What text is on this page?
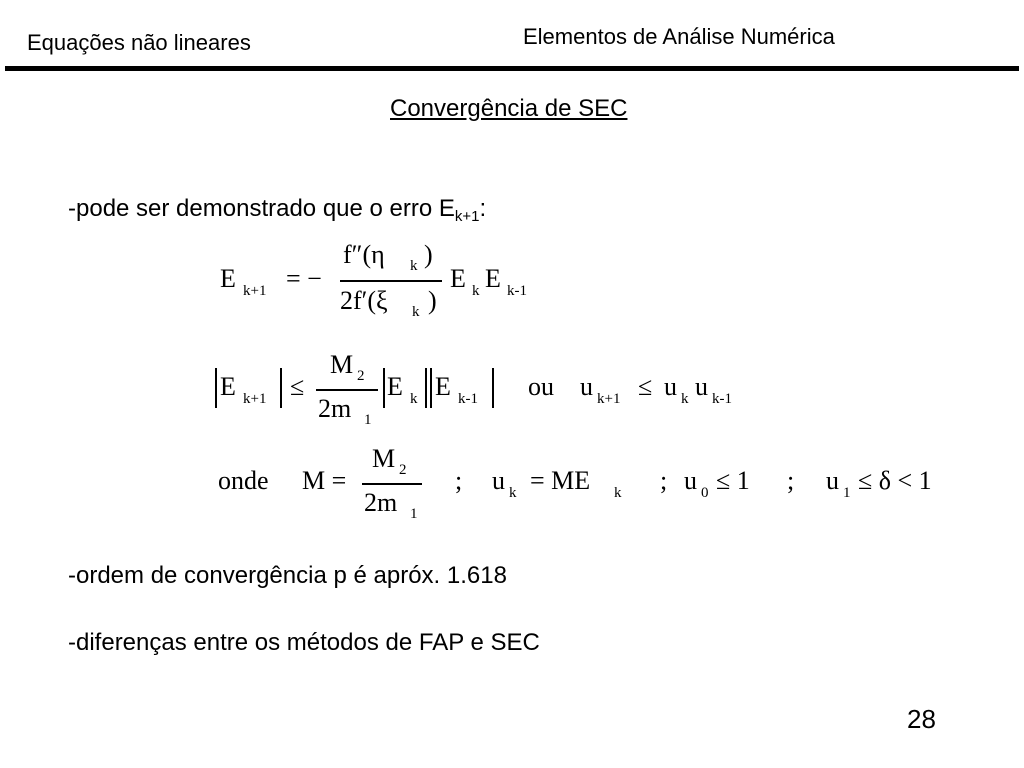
Equações não lineares	Elementos de Análise Numérica
Convergência de SEC
-pode ser demonstrado que o erro $E_{k+1}$:
E k+1 = −
f″(η k )
2f′(ξ k )
E k E k-1
E k+1 ≤
M 2
2m 1
E k E k-1 ou u k+1 ≤ u k u k-1
onde M =
M 2
2m 1
; u k = ME k ; u 0 ≤ 1 ; u 1 ≤ δ < 1
-ordem de convergência p é apróx. 1.618
-diferenças entre os métodos de FAP e SEC
28
